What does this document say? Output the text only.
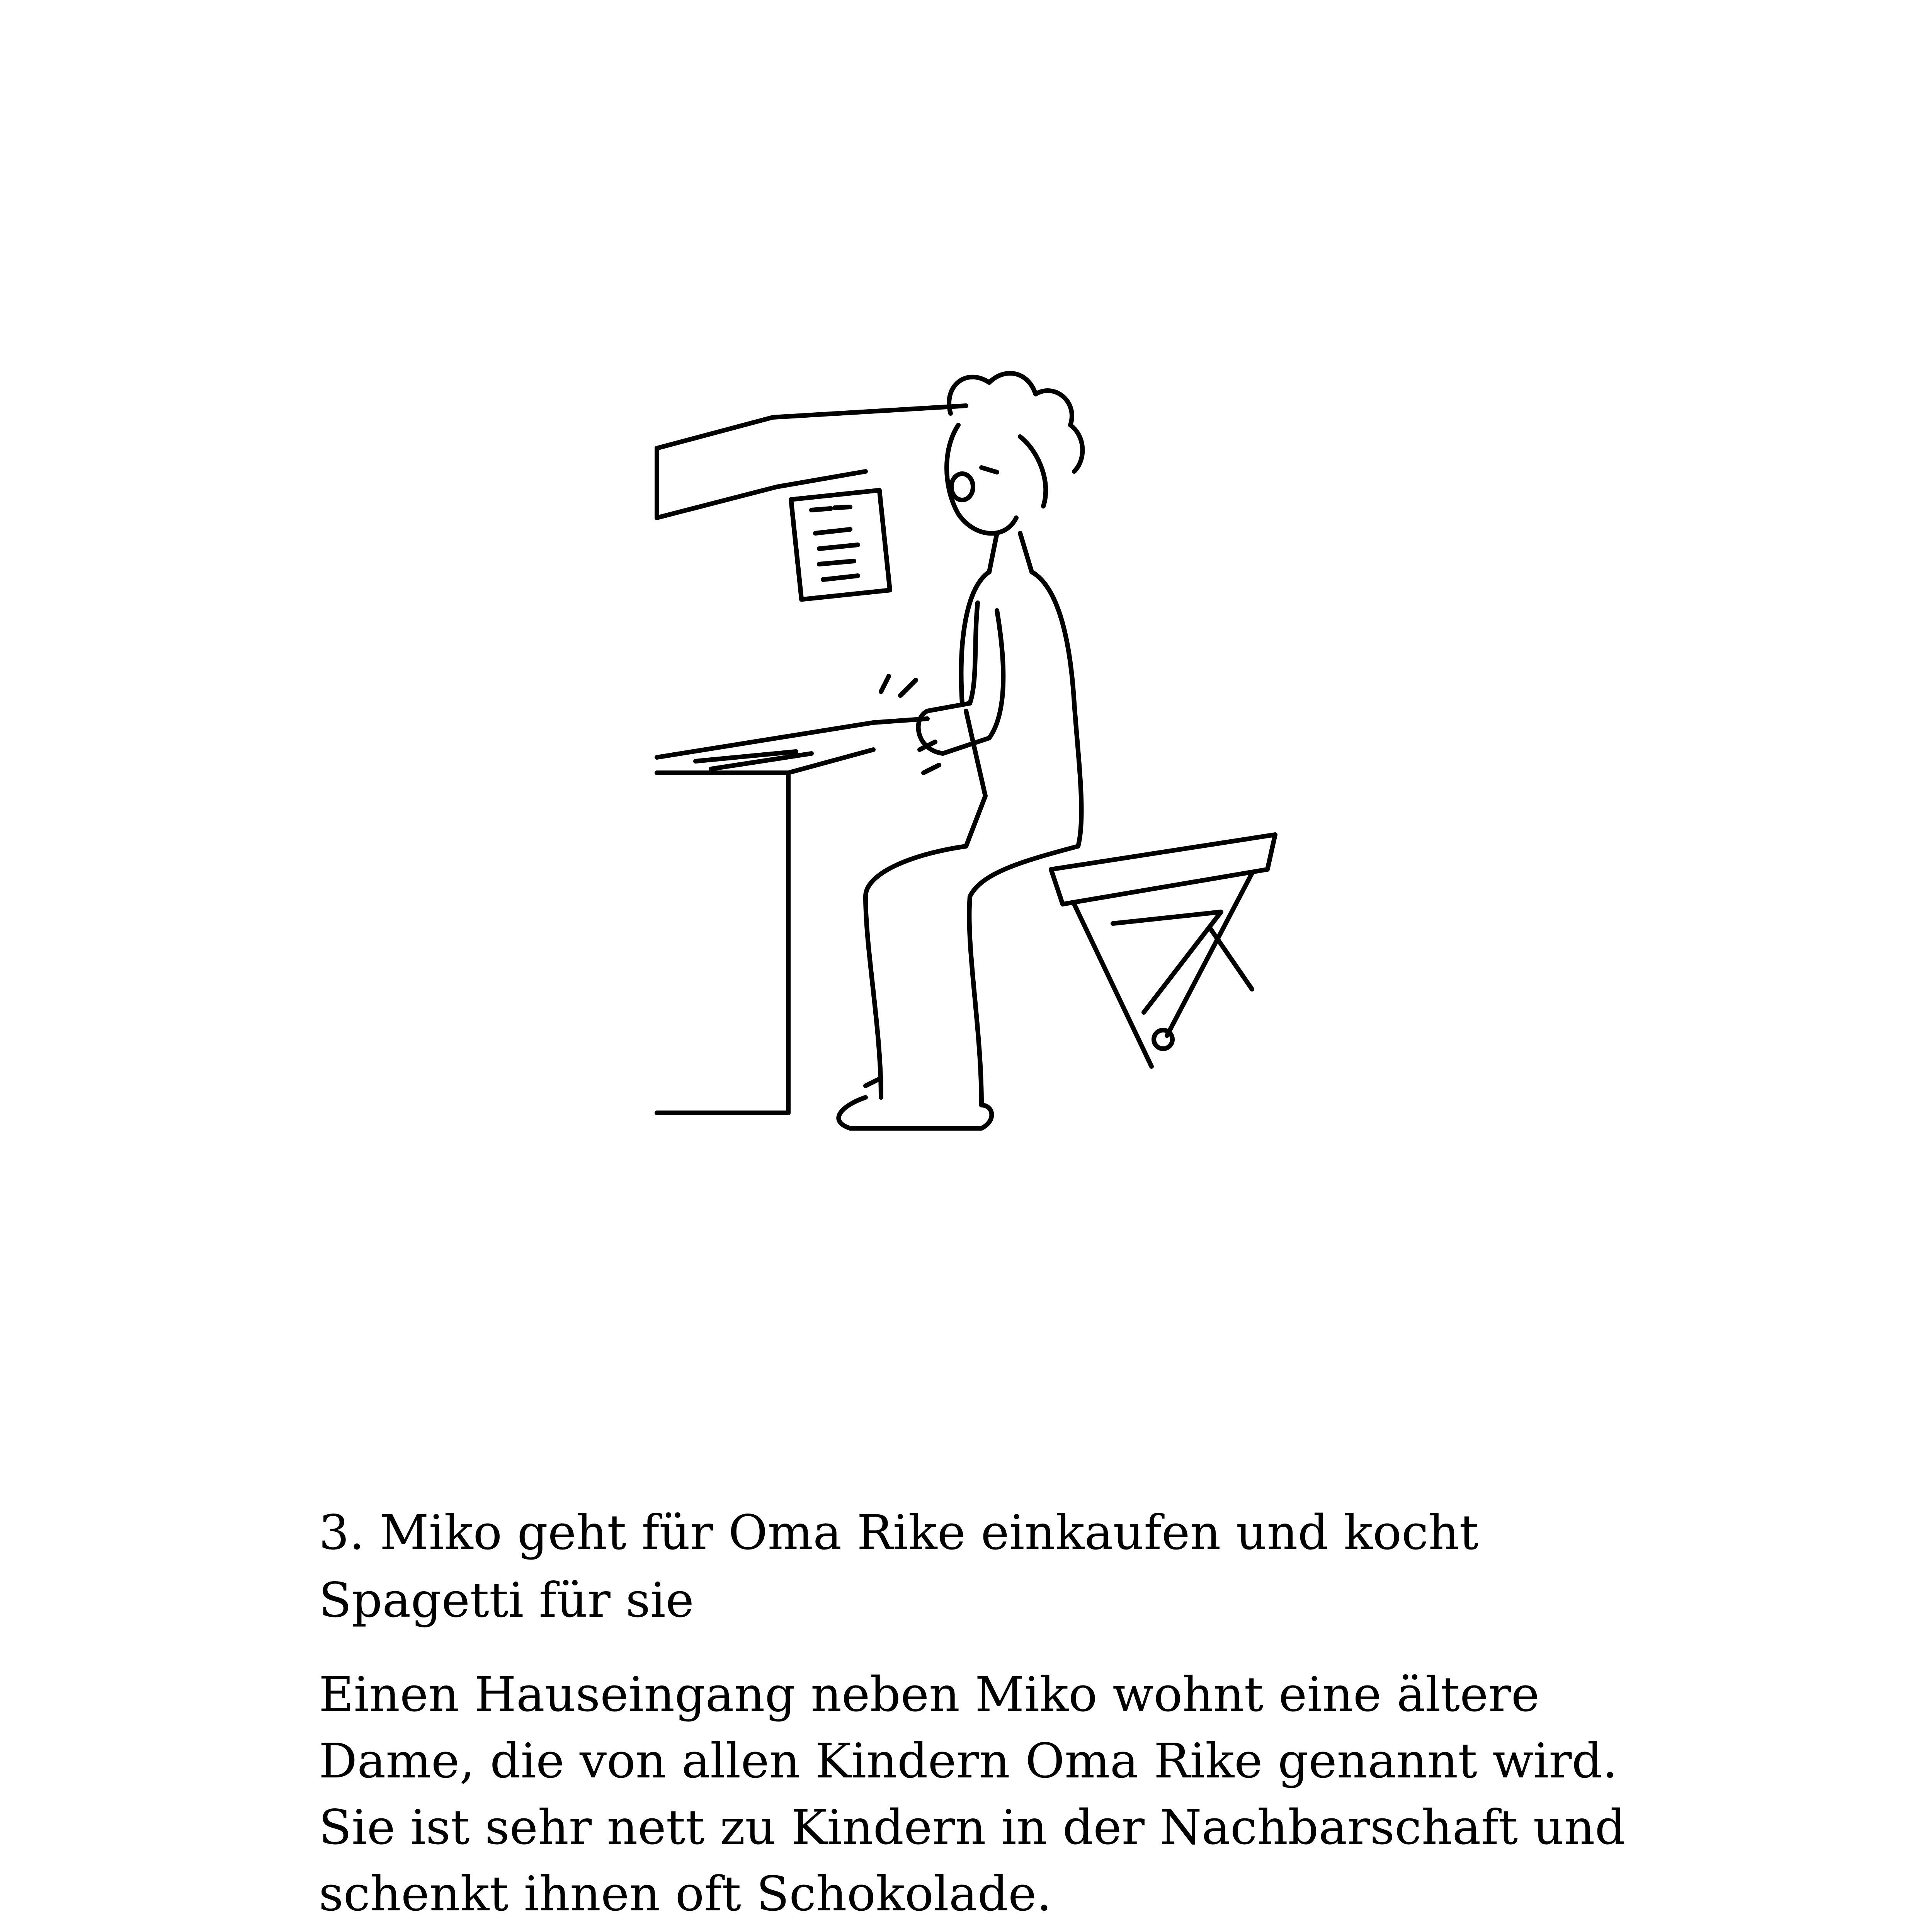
3. Miko geht für Oma Rike einkaufen und kocht
Spagetti für sie

Einen Hauseingang neben Miko wohnt eine ältere
Dame, die von allen Kindern Oma Rike genannt wird.
Sie ist sehr nett zu Kindern in der Nachbarschaft und
schenkt ihnen oft Schokolade.
